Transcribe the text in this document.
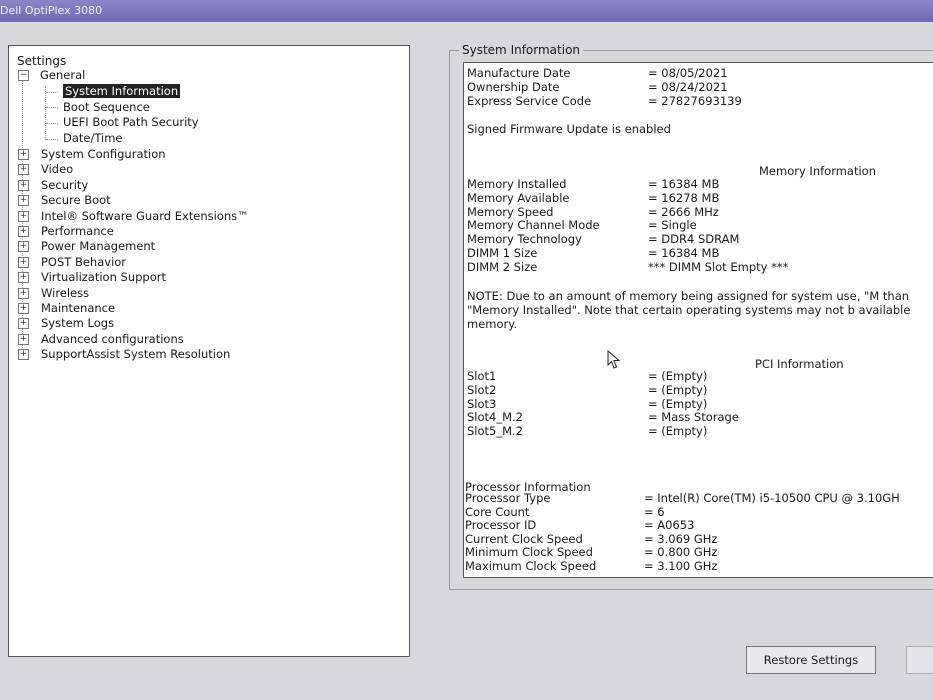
Dell OptiPlex 3080
Settings
− General
System Information
Boot Sequence
UEFI Boot Path Security
Date/Time
+ System Configuration
+ Video
+ Security
+ Secure Boot
+ Intel® Software Guard Extensions™
+ Performance
+ Power Management
+ POST Behavior
+ Virtualization Support
+ Wireless
+ Maintenance
+ System Logs
+ Advanced configurations
+ SupportAssist System Resolution
System Information
Manufacture Date	= 08/05/2021
Ownership Date	= 08/24/2021
Express Service Code	= 27827693139
Signed Firmware Update is enabled
Memory Information
Memory Installed	= 16384 MB
Memory Available	= 16278 MB
Memory Speed	= 2666 MHz
Memory Channel Mode	= Single
Memory Technology	= DDR4 SDRAM
DIMM 1 Size	= 16384 MB
DIMM 2 Size	*** DIMM Slot Empty ***
NOTE: Due to an amount of memory being assigned for system use, "M than "Memory Installed". Note that certain operating systems may not b available memory.
PCI Information
Slot1	= (Empty)
Slot2	= (Empty)
Slot3	= (Empty)
Slot4_M.2	= Mass Storage
Slot5_M.2	= (Empty)
Processor Information
Processor Type	= Intel(R) Core(TM) i5-10500 CPU @ 3.10GH
Core Count	= 6
Processor ID	= A0653
Current Clock Speed	= 3.069 GHz
Minimum Clock Speed	= 0.800 GHz
Maximum Clock Speed	= 3.100 GHz
Restore Settings
